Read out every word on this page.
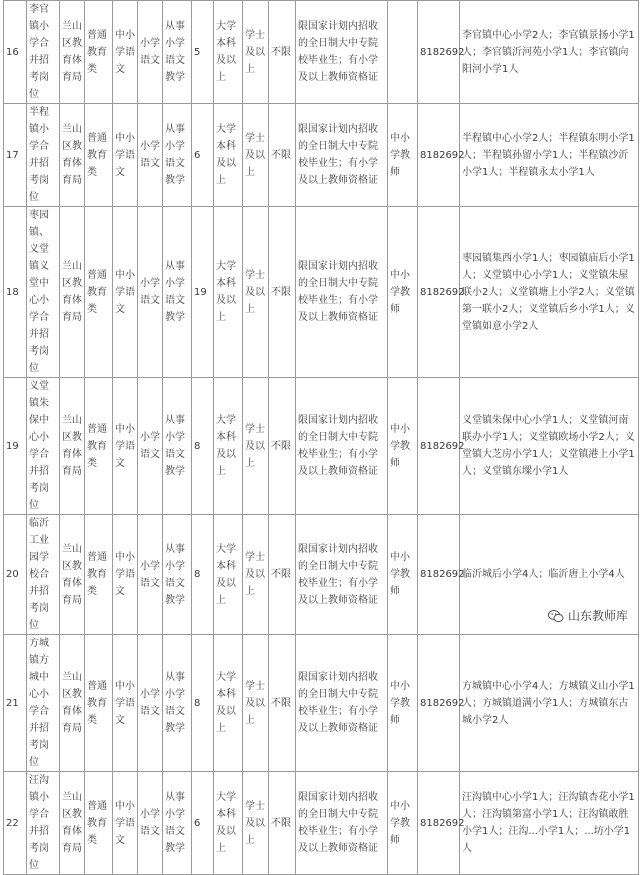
16	李官镇小学合并招考岗位	兰山区教育体育局	普通教育类	中小学语文	小学语文	从事小学语文教学	5	大学本科及以上	学士及以上	不限	限国家计划内招收的全日制大中专院校毕业生；有小学及以上教师资格证		8182692	李官镇中心小学2人；李官镇景扬小学1人；李官镇沂河苑小学1人；李官镇向阳河小学1人
17	半程镇小学合并招考岗位	兰山区教育体育局	普通教育类	中小学语文	小学语文	从事小学语文教学	6	大学本科及以上	学士及以上	不限	限国家计划内招收的全日制大中专院校毕业生；有小学及以上教师资格证	中小学教师	8182692	半程镇中心小学2人；半程镇东明小学1人；半程镇孙留小学1人；半程镇沙沂小学1人；半程镇永太小学1人
18	枣园镇、义堂镇义堂中心小学合并招考岗位	兰山区教育体育局	普通教育类	中小学语文	小学语文	从事小学语文教学	19	大学本科及以上	学士及以上	不限	限国家计划内招收的全日制大中专院校毕业生；有小学及以上教师资格证	中小学教师	8182692	枣园镇集西小学1人；枣园镇庙后小学1人；义堂镇中心小学1人；义堂镇朱屋联小2人；义堂镇塘上小学2人；义堂镇第一联小2人；义堂镇后乡小学1人；义堂镇如意小学2人
19	义堂镇朱保中心小学合并招考岗位	兰山区教育体育局	普通教育类	中小学语文	小学语文	从事小学语文教学	8	大学本科及以上	学士及以上	不限	限国家计划内招收的全日制大中专院校毕业生；有小学及以上教师资格证	中小学教师	8182692	义堂镇朱保中心小学1人；义堂镇河南联办小学1人；义堂镇欧场小学2人；义堂镇大芝房小学1人；义堂镇港上小学1人；义堂镇东墚小学1人
20	临沂工业园学校合并招考岗位	兰山区教育体育局	普通教育类	中小学语文	小学语文	从事小学语文教学	8	大学本科及以上	学士及以上	不限	限国家计划内招收的全日制大中专院校毕业生；有小学及以上教师资格证	中小学教师	8182692	临沂城后小学4人；临沂唐上小学4人
21	方城镇方城中心小学合并招考岗位	兰山区教育体育局	普通教育类	中小学语文	小学语文	从事小学语文教学	8	大学本科及以上	学士及以上	不限	限国家计划内招收的全日制大中专院校毕业生；有小学及以上教师资格证	中小学教师	8182692	方城镇中心小学4人；方城镇义山小学1人；方城镇道满小学1人；方城镇东古城小学2人
22	汪沟镇小学合并招考岗位	兰山区教育体育局	普通教育类	中小学语文	小学语文	从事小学语文教学	6	大学本科及以上	学士及以上	不限	限国家计划内招收的全日制大中专院校毕业生；有小学及以上教师资格证	中小学教师	8182692	汪沟镇中心小学1人；汪沟镇杏花小学1人；汪沟镇第富小学1人；汪沟镇敢胜小学1人；汪沟...小学1人；...坊小学1人
山东教师库
